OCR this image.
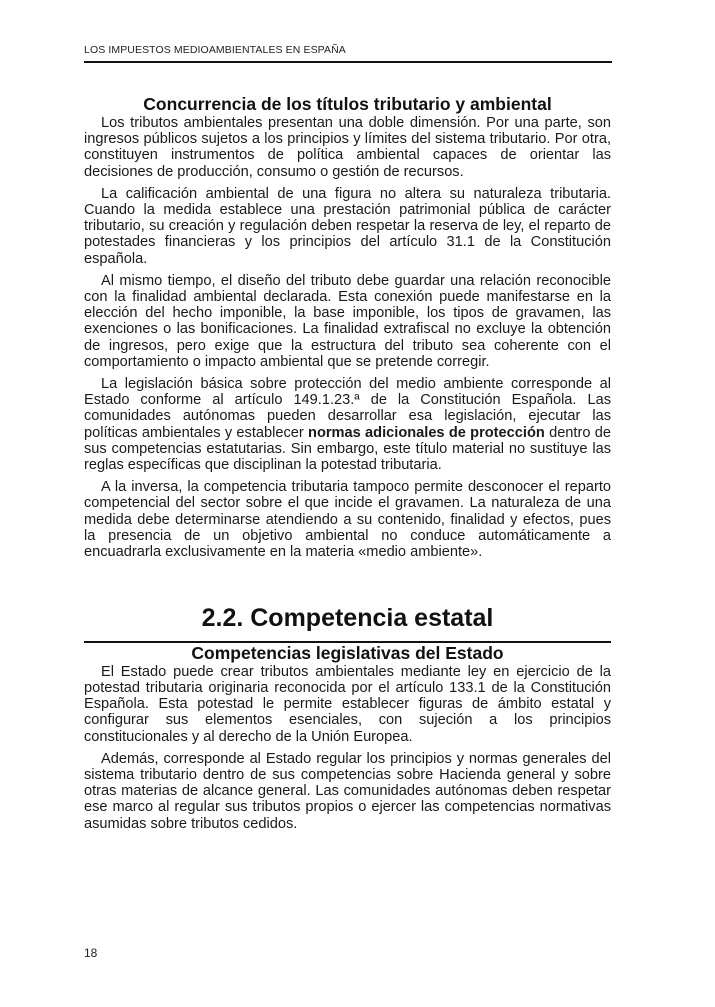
LOS IMPUESTOS MEDIOAMBIENTALES EN ESPAÑA
Concurrencia de los títulos tributario y ambiental

Los tributos ambientales presentan una doble dimensión. Por una parte, son ingresos públicos sujetos a los principios y límites del sistema tributario. Por otra, constituyen instrumentos de política ambiental capaces de orientar las decisiones de producción, consumo o gestión de recursos.

La calificación ambiental de una figura no altera su naturaleza tributaria. Cuando la medida establece una prestación patrimonial pública de carácter tributario, su creación y regulación deben respetar la reserva de ley, el reparto de potestades financieras y los principios del artículo 31.1 de la Constitución española.

Al mismo tiempo, el diseño del tributo debe guardar una relación reconocible con la finalidad ambiental declarada. Esta conexión puede manifestarse en la elección del hecho imponible, la base imponible, los tipos de gravamen, las exenciones o las bonificaciones. La finalidad extrafiscal no excluye la obtención de ingresos, pero exige que la estructura del tributo sea coherente con el comportamiento o impacto ambiental que se pretende corregir.

La legislación básica sobre protección del medio ambiente corresponde al Estado conforme al artículo 149.1.23.ª de la Constitución Española. Las comunidades autónomas pueden desarrollar esa legislación, ejecutar las políticas ambientales y establecer normas adicionales de protección dentro de sus competencias estatutarias. Sin embargo, este título material no sustituye las reglas específicas que disciplinan la potestad tributaria.

A la inversa, la competencia tributaria tampoco permite desconocer el reparto competencial del sector sobre el que incide el gravamen. La naturaleza de una medida debe determinarse atendiendo a su contenido, finalidad y efectos, pues la presencia de un objetivo ambiental no conduce automáticamente a encuadrarla exclusivamente en la materia «medio ambiente».

2.2. Competencia estatal
Competencias legislativas del Estado

El Estado puede crear tributos ambientales mediante ley en ejercicio de la potestad tributaria originaria reconocida por el artículo 133.1 de la Constitución Española. Esta potestad le permite establecer figuras de ámbito estatal y configurar sus elementos esenciales, con sujeción a los principios constitucionales y al derecho de la Unión Europea.

Además, corresponde al Estado regular los principios y normas generales del sistema tributario dentro de sus competencias sobre Hacienda general y sobre otras materias de alcance general. Las comunidades autónomas deben respetar ese marco al regular sus tributos propios o ejercer las competencias normativas asumidas sobre tributos cedidos.

18
